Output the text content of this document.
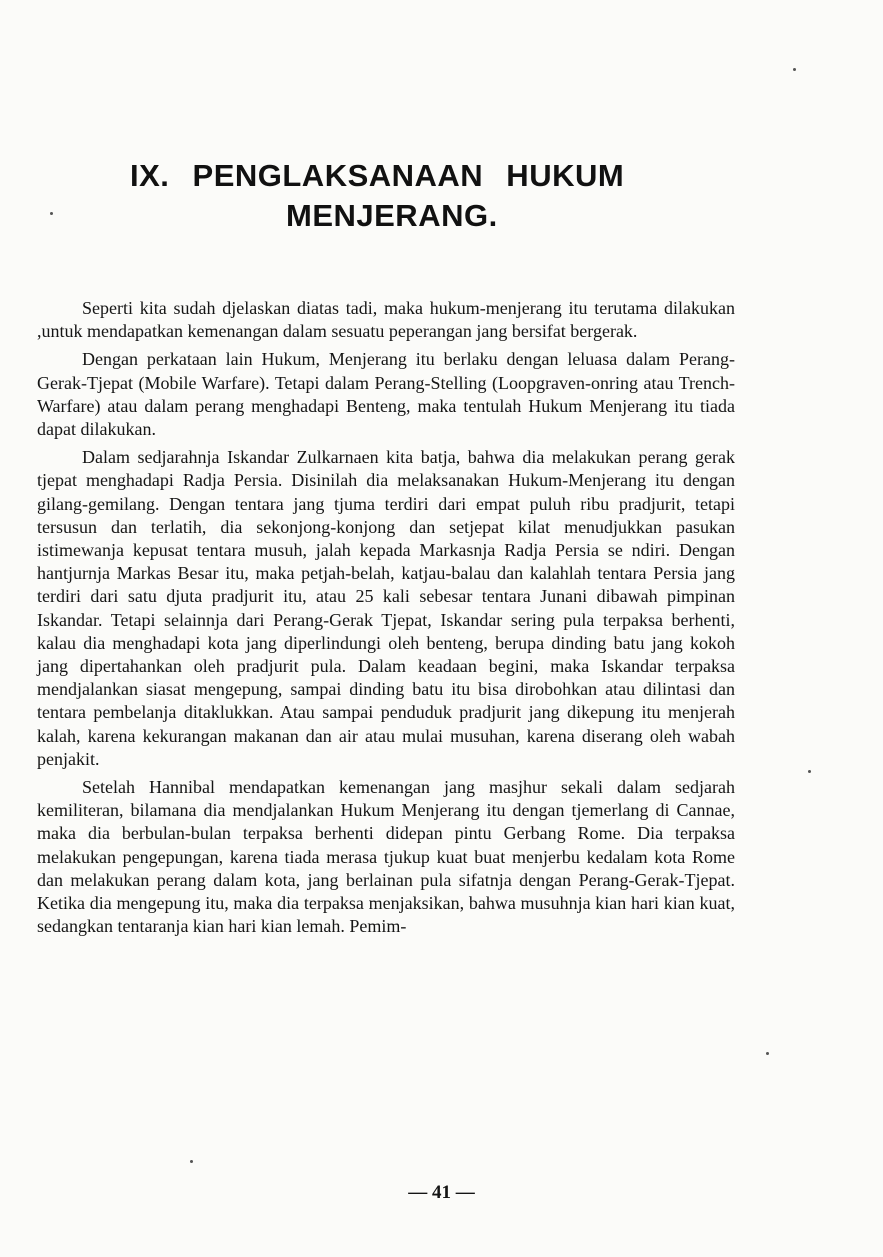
IX. PENGLAKSANAAN HUKUM
MENJERANG.

Seperti kita sudah djelaskan diatas tadi, maka hukum-menjerang itu terutama dilakukan ,untuk mendapatkan kemenangan dalam sesuatu peperangan jang bersifat bergerak.

Dengan perkataan lain Hukum, Menjerang itu berlaku dengan leluasa dalam Perang-Gerak-Tjepat (Mobile Warfare). Tetapi dalam Perang-Stelling (Loopgraven-onring atau Trench-Warfare) atau dalam perang menghadapi Benteng, maka tentulah Hukum Menjerang itu tiada dapat dilakukan.

Dalam sedjarahnja Iskandar Zulkarnaen kita batja, bahwa dia melakukan perang gerak tjepat menghadapi Radja Persia. Disinilah dia melaksanakan Hukum-Menjerang itu dengan gilang-gemilang. Dengan tentara jang tjuma terdiri dari empat puluh ribu pradjurit, tetapi tersusun dan terlatih, dia sekonjong-konjong dan setjepat kilat menudjukkan pasukan istimewanja kepusat tentara musuh, jalah kepada Markasnja Radja Persia se ndiri. Dengan hantjurnja Markas Besar itu, maka petjah-belah, katjau-balau dan kalahlah tentara Persia jang terdiri dari satu djuta pradjurit itu, atau 25 kali sebesar tentara Junani dibawah pimpinan Iskandar. Tetapi selainnja dari Perang-Gerak Tjepat, Iskandar sering pula terpaksa berhenti, kalau dia menghadapi kota jang diperlindungi oleh benteng, berupa dinding batu jang kokoh jang dipertahankan oleh pradjurit pula. Dalam keadaan begini, maka Iskandar terpaksa mendjalankan siasat mengepung, sampai dinding batu itu bisa dirobohkan atau dilintasi dan tentara pembelanja ditaklukkan. Atau sampai penduduk pradjurit jang dikepung itu menjerah kalah, karena kekurangan makanan dan air atau mulai musuhan, karena diserang oleh wabah penjakit.

Setelah Hannibal mendapatkan kemenangan jang masjhur sekali dalam sedjarah kemiliteran, bilamana dia mendjalankan Hukum Menjerang itu dengan tjemerlang di Cannae, maka dia berbulan-bulan terpaksa berhenti didepan pintu Gerbang Rome. Dia terpaksa melakukan pengepungan, karena tiada merasa tjukup kuat buat menjerbu kedalam kota Rome dan melakukan perang dalam kota, jang berlainan pula sifatnja dengan Perang-Gerak-Tjepat. Ketika dia mengepung itu, maka dia terpaksa menjaksikan, bahwa musuhnja kian hari kian kuat, sedangkan tentaranja kian hari kian lemah. Pemim-

— 41 —
